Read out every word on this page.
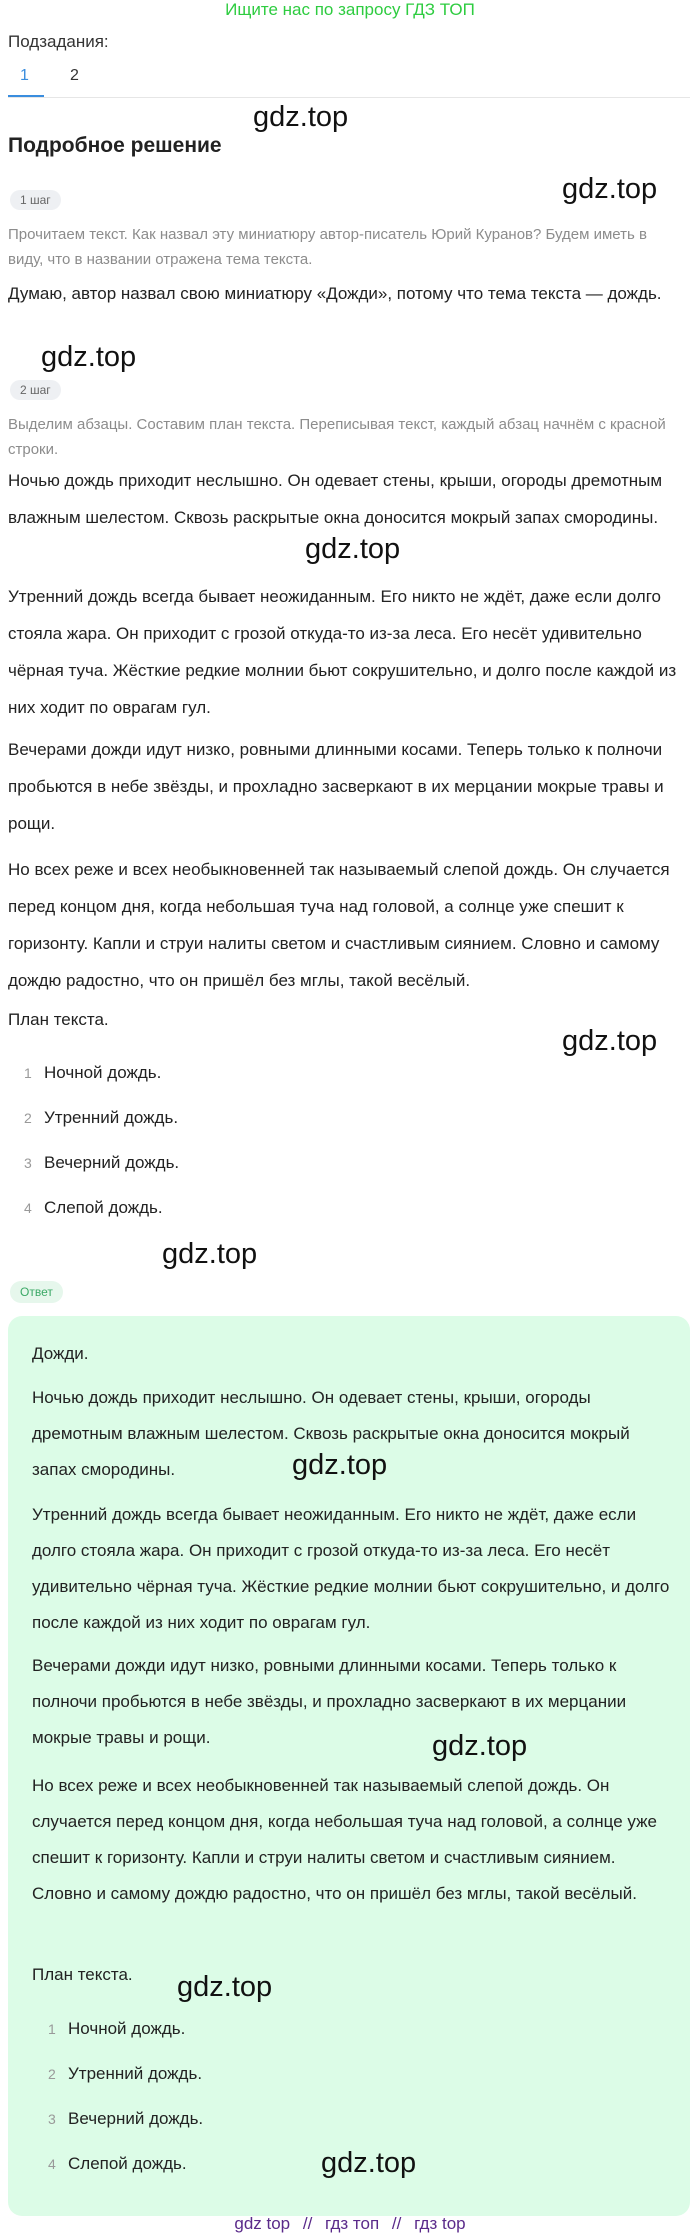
Ищите нас по запросу ГДЗ ТОП
Подзадания:
1	2
Подробное решение
1 шаг
Прочитаем текст. Как назвал эту миниатюру автор-писатель Юрий Куранов? Будем иметь в виду, что в названии отражена тема текста.
Думаю, автор назвал свою миниатюру «Дожди», потому что тема текста — дождь.
2 шаг
Выделим абзацы. Составим план текста. Переписывая текст, каждый абзац начнём с красной строки.
Ночью дождь приходит неслышно. Он одевает стены, крыши, огороды дремотным влажным шелестом. Сквозь раскрытые окна доносится мокрый запах смородины.
Утренний дождь всегда бывает неожиданным. Его никто не ждёт, даже если долго стояла жара. Он приходит с грозой откуда-то из-за леса. Его несёт удивительно чёрная туча. Жёсткие редкие молнии бьют сокрушительно, и долго после каждой из них ходит по оврагам гул.
Вечерами дожди идут низко, ровными длинными косами. Теперь только к полночи пробьются в небе звёзды, и прохладно засверкают в их мерцании мокрые травы и рощи.
Но всех реже и всех необыкновенней так называемый слепой дождь. Он случается перед концом дня, когда небольшая туча над головой, а солнце уже спешит к горизонту. Капли и струи налиты светом и счастливым сиянием. Словно и самому дождю радостно, что он пришёл без мглы, такой весёлый.
План текста.
1 Ночной дождь.
2 Утренний дождь.
3 Вечерний дождь.
4 Слепой дождь.
Ответ
Дожди.
Ночью дождь приходит неслышно. Он одевает стены, крыши, огороды дремотным влажным шелестом. Сквозь раскрытые окна доносится мокрый запах смородины.
Утренний дождь всегда бывает неожиданным. Его никто не ждёт, даже если долго стояла жара. Он приходит с грозой откуда-то из-за леса. Его несёт удивительно чёрная туча. Жёсткие редкие молнии бьют сокрушительно, и долго после каждой из них ходит по оврагам гул.
Вечерами дожди идут низко, ровными длинными косами. Теперь только к полночи пробьются в небе звёзды, и прохладно засверкают в их мерцании мокрые травы и рощи.
Но всех реже и всех необыкновенней так называемый слепой дождь. Он случается перед концом дня, когда небольшая туча над головой, а солнце уже спешит к горизонту. Капли и струи налиты светом и счастливым сиянием. Словно и самому дождю радостно, что он пришёл без мглы, такой весёлый.
План текста.
1 Ночной дождь.
2 Утренний дождь.
3 Вечерний дождь.
4 Слепой дождь.
gdz.top
gdz.top
gdz.top
gdz.top
gdz.top
gdz.top
gdz.top
gdz.top
gdz.top
gdz.top
gdz top // гдз топ // гдз top
